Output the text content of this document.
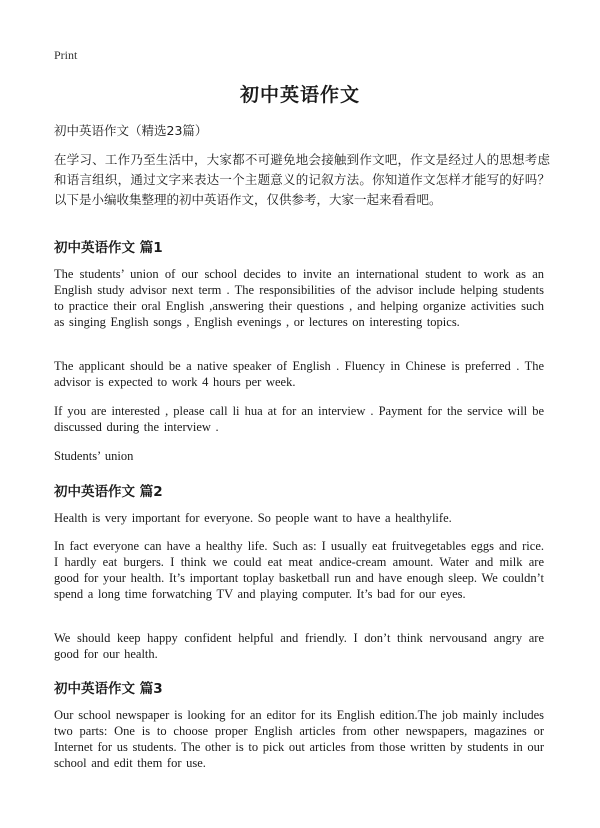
Print
初中英语作文
初中英语作文（精选23篇）
在学习、工作乃至生活中，大家都不可避免地会接触到作文吧，作文是经过人的思想考虑和语言组织，通过文字来表达一个主题意义的记叙方法。你知道作文怎样才能写的好吗？以下是小编收集整理的初中英语作文，仅供参考，大家一起来看看吧。
初中英语作文 篇1
The students’ union of our school decides to invite an international student to work as an English study advisor next term . The responsibilities of the advisor include helping students to practice their oral English ,answering their questions , and helping organize activities such as singing English songs , English evenings , or lectures on interesting topics.
The applicant should be a native speaker of English . Fluency in Chinese is preferred . The advisor is expected to work 4 hours per week.
If you are interested , please call li hua at for an interview . Payment for the service will be discussed during the interview .
Students’ union
初中英语作文 篇2
Health is very important for everyone. So people want to have a healthylife.
In fact everyone can have a healthy life. Such as: I usually eat fruitvegetables eggs and rice. I hardly eat burgers. I think we could eat meat andice-cream amount. Water and milk are good for your health. It’s important toplay basketball run and have enough sleep. We couldn’t spend a long time forwatching TV and playing computer. It’s bad for our eyes.
We should keep happy confident helpful and friendly. I don’t think nervousand angry are good for our health.
初中英语作文 篇3
Our school newspaper is looking for an editor for its English edition.The job mainly includes two parts: One is to choose proper English articles from other newspapers, magazines or Internet for us students. The other is to pick out articles from those written by students in our school and edit them for use.
